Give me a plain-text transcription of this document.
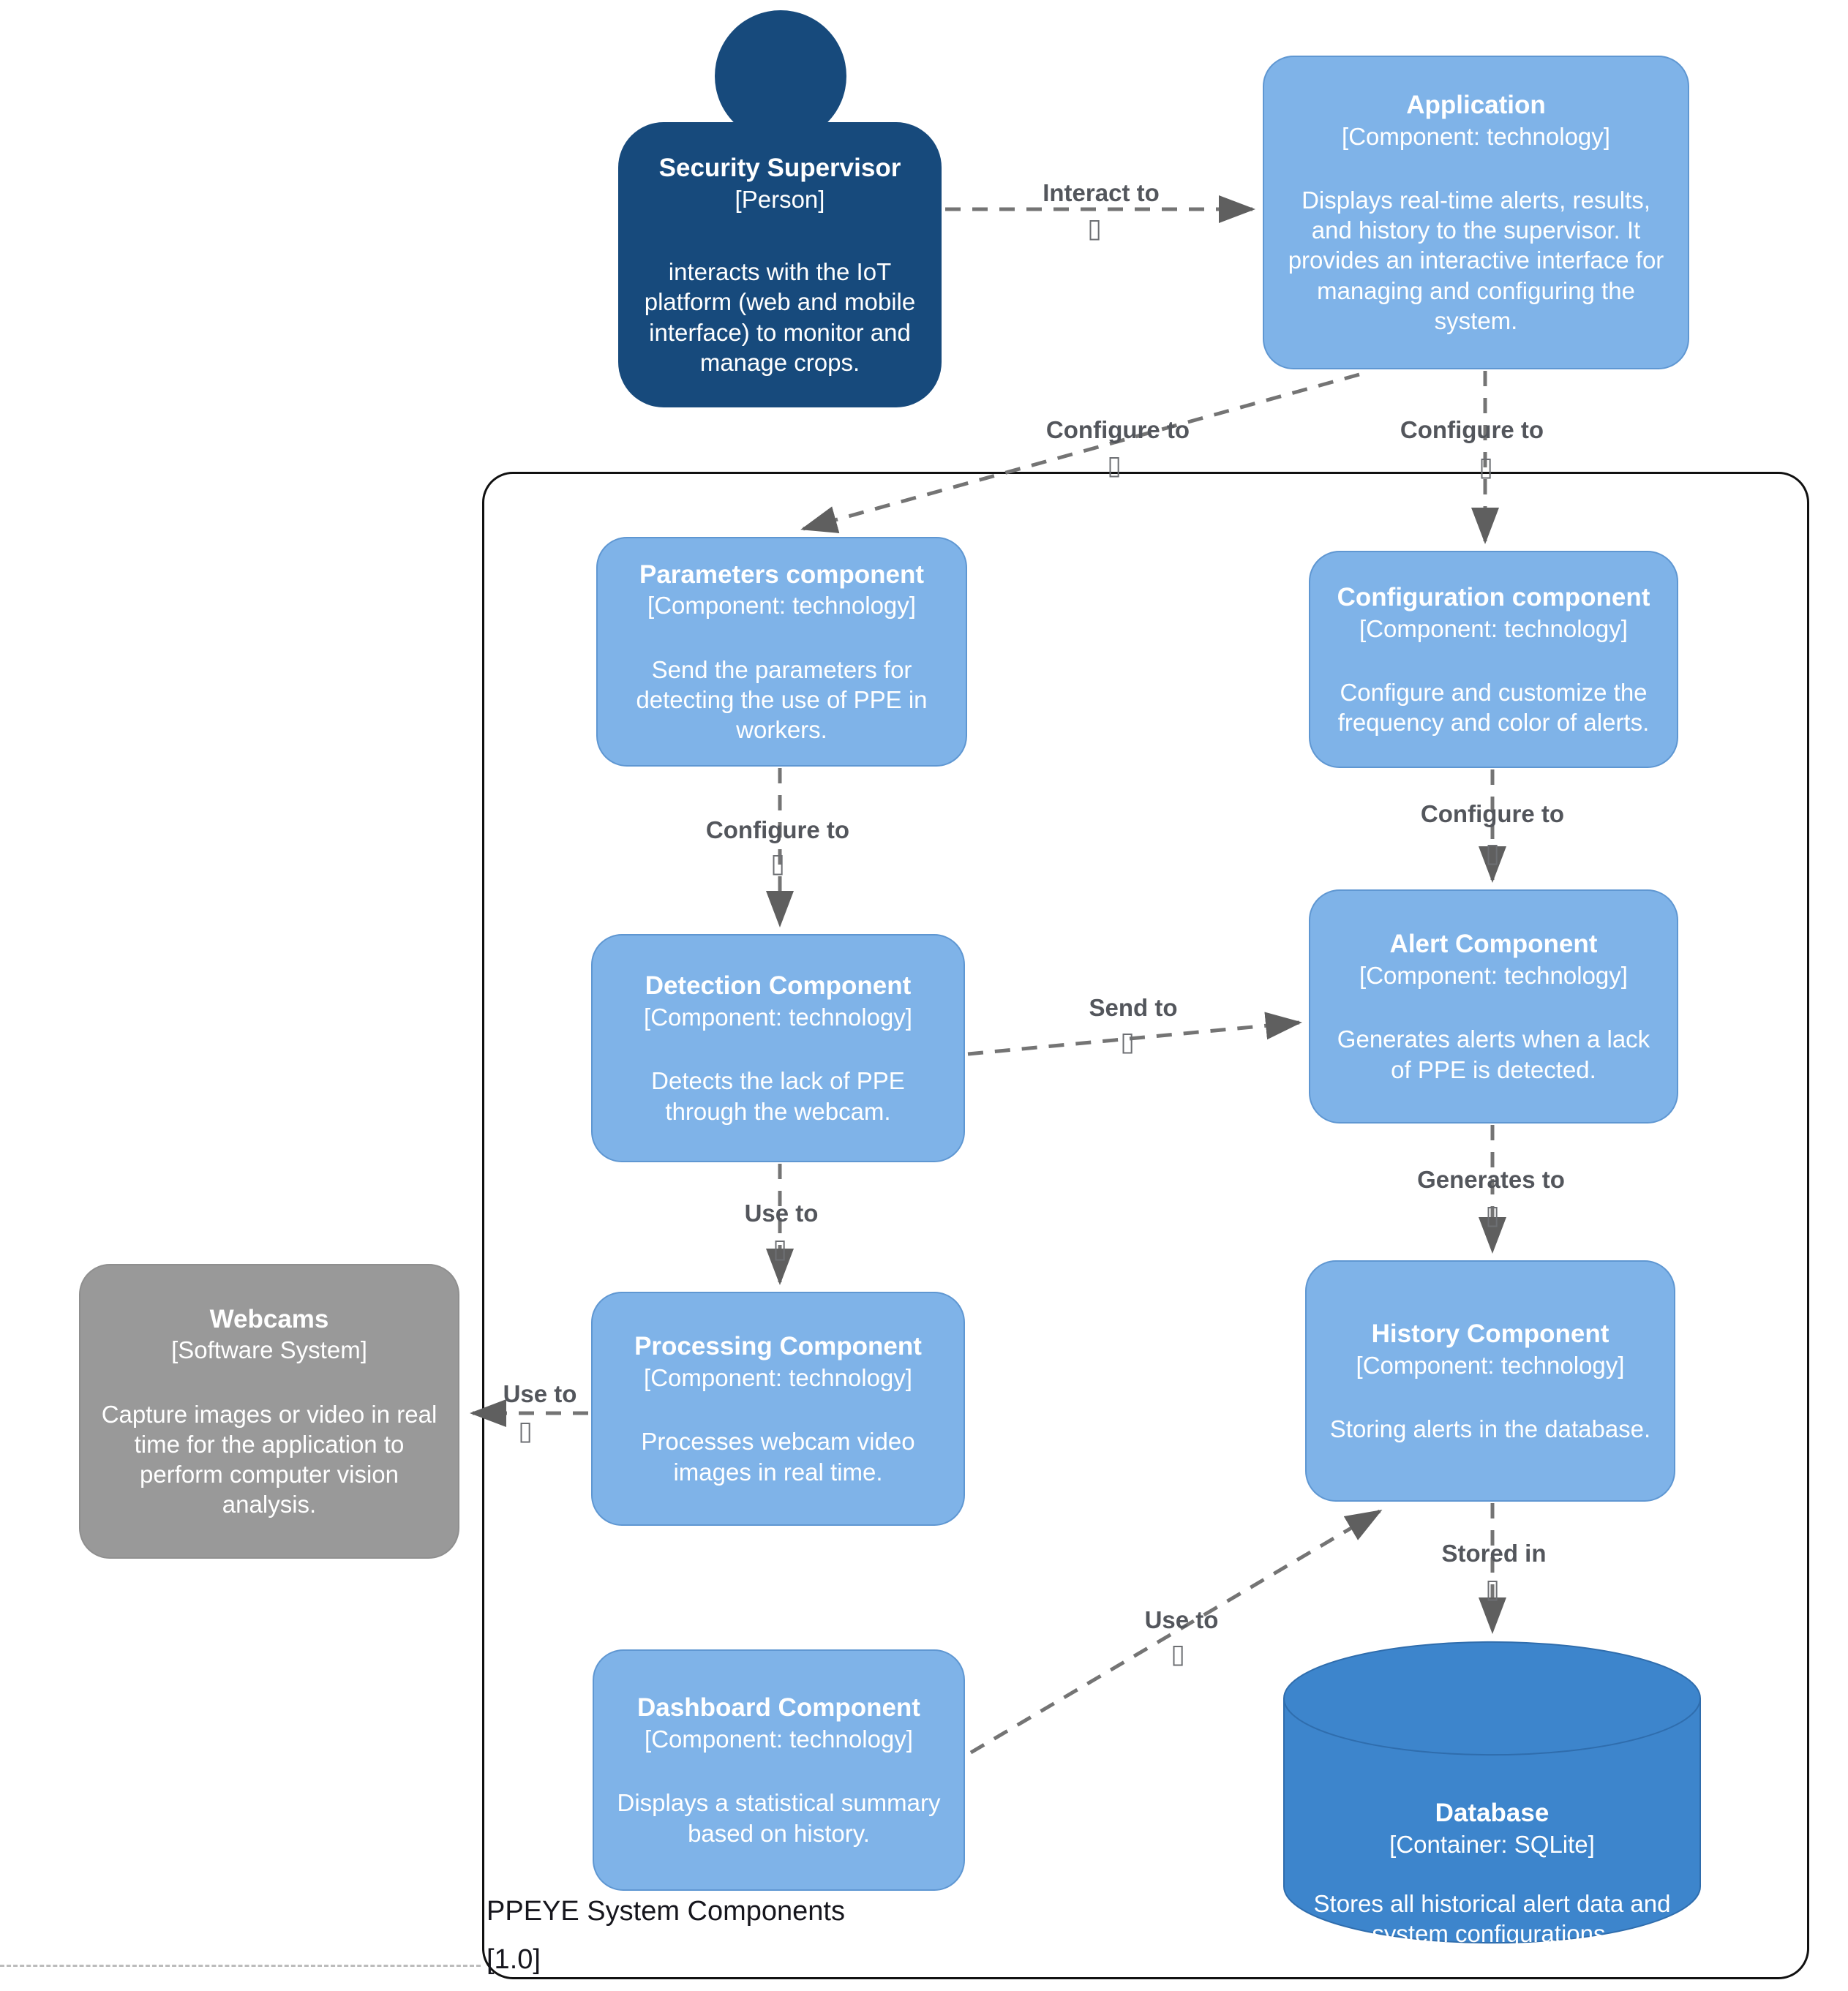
PPEYE System Components
[1.0]
Interact to
▯
Configure to
▯
Configure to
▯
Configure to
▯
Configure to
▯
Send to
▯
Use to
▯
Generates to
▯
Use to
▯
Use to
▯
Stored in
▯
Security Supervisor
[Person]
interacts with the IoT platform (web and mobile interface) to monitor and manage crops.
Application
[Component: technology]
Displays real-time alerts, results, and history to the supervisor. It provides an interactive interface for managing and configuring the system.
Parameters component
[Component: technology]
Send the parameters for detecting the use of PPE in workers.
Configuration component
[Component: technology]
Configure and customize the frequency and color of alerts.
Detection Component
[Component: technology]
Detects the lack of PPE through the webcam.
Alert Component
[Component: technology]
Generates alerts when a lack of PPE is detected.
Processing Component
[Component: technology]
Processes webcam video images in real time.
History Component
[Component: technology]
Storing alerts in the database.
Webcams
[Software System]
Capture images or video in real time for the application to perform computer vision analysis.
Dashboard Component
[Component: technology]
Displays a statistical summary based on history.
Database
[Container: SQLite]
Stores all historical alert data and system configurations.
